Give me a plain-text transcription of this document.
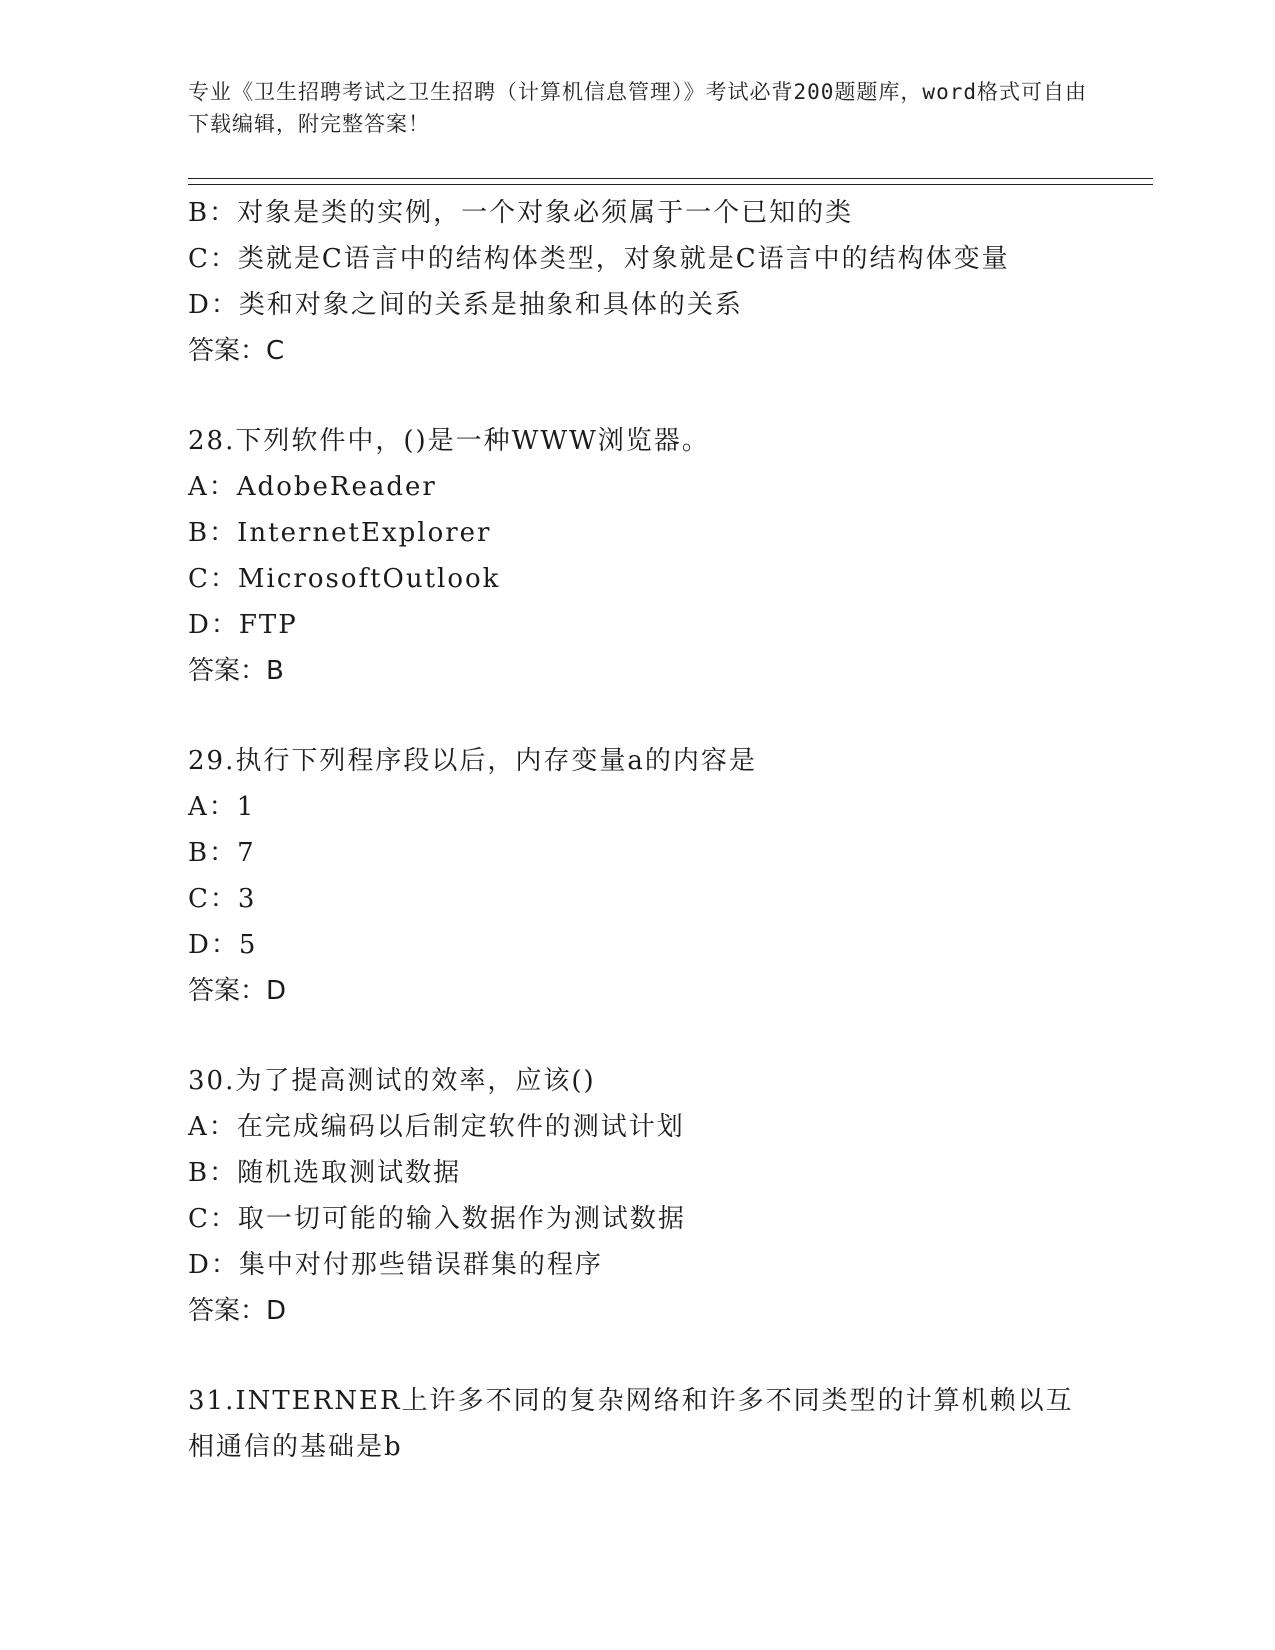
专业《卫生招聘考试之卫生招聘（计算机信息管理）》考试必背200题题库，word格式可自由下载编辑，附完整答案！
B：对象是类的实例，一个对象必须属于一个已知的类
C：类就是C语言中的结构体类型，对象就是C语言中的结构体变量
D：类和对象之间的关系是抽象和具体的关系
答案：C
28.下列软件中，()是一种WWW浏览器。
A：AdobeReader
B：InternetExplorer
C：MicrosoftOutlook
D：FTP
答案：B
29.执行下列程序段以后，内存变量a的内容是
A：1
B：7
C：3
D：5
答案：D
30.为了提高测试的效率，应该()
A：在完成编码以后制定软件的测试计划
B：随机选取测试数据
C：取一切可能的输入数据作为测试数据
D：集中对付那些错误群集的程序
答案：D
31.INTERNER上许多不同的复杂网络和许多不同类型的计算机赖以互相通信的基础是b
